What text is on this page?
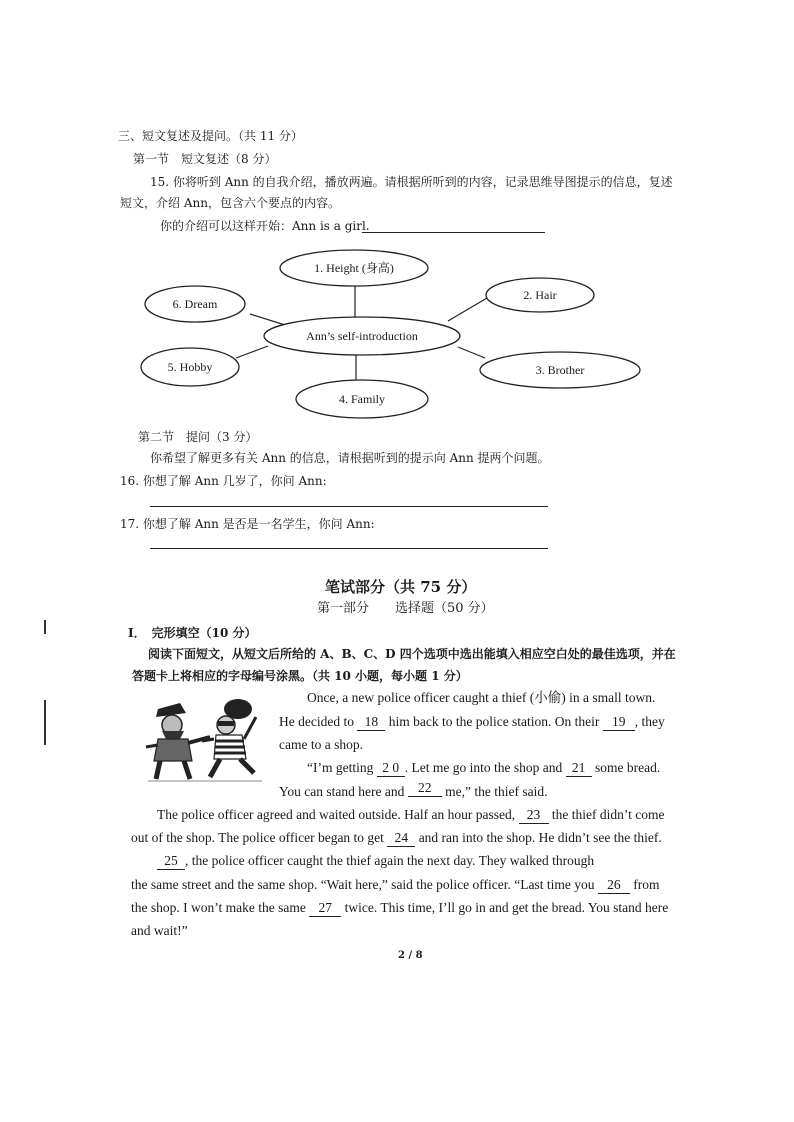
三、短文复述及提问。（共 11 分）
第一节　短文复述（8 分）
15. 你将听到 Ann 的自我介绍，播放两遍。请根据所听到的内容，记录思维导图提示的信息，复述
短文，介绍 Ann，包含六个要点的内容。
你的介绍可以这样开始：Ann is a girl.
1. Height (身高)
2. Hair
6. Dream
Ann’s self-introduction
5. Hobby	3. Brother
4. Family
第二节　提问（3 分）
你希望了解更多有关 Ann 的信息，请根据听到的提示向 Ann 提两个问题。
16. 你想了解 Ann 几岁了，你问 Ann:
17. 你想了解 Ann 是否是一名学生，你问 Ann:
笔试部分（共 75 分）
第一部分　　选择题（50 分）
I．　完形填空（10 分）
阅读下面短文，从短文后所给的 A、B、C、D 四个选项中选出能填入相应空白处的最佳选项，并在
答题卡上将相应的字母编号涂黑。（共 10 小题，每小题 1 分）
Once, a new police officer caught a thief (小偷) in a small town.
He decided to 18 him back to the police station. On their 19 , they
came to a shop.
“I’m getting 2 0 . Let me go into the shop and 21 some bread.
You can stand here and 22 me,” the thief said.
The police officer agreed and waited outside. Half an hour passed, 23 the thief didn’t come
out of the shop. The police officer began to get 24 and ran into the shop. He didn’t see the thief.
25 , the police officer caught the thief again the next day. They walked through
the same street and the same shop. “Wait here,” said the police officer. “Last time you 26 from
the shop. I won’t make the same 27 twice. This time, I’ll go in and get the bread. You stand here
and wait!”
2 / 8
